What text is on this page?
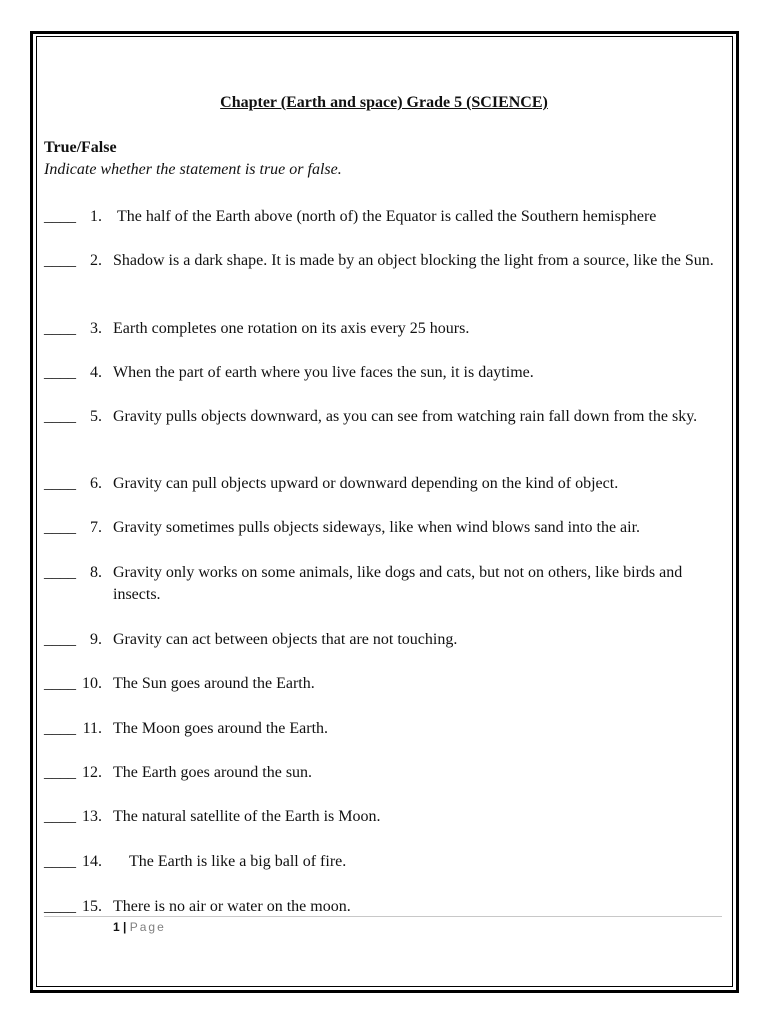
Chapter (Earth and space) Grade 5 (SCIENCE)
True/False
Indicate whether the statement is true or false.
____ 1. The half of the Earth above (north of) the Equator is called the Southern hemisphere
____ 2. Shadow is a dark shape. It is made by an object blocking the light from a source, like the Sun.
____ 3. Earth completes one rotation on its axis every 25 hours.
____ 4. When the part of earth where you live faces the sun, it is daytime.
____ 5. Gravity pulls objects downward, as you can see from watching rain fall down from the sky.
____ 6. Gravity can pull objects upward or downward depending on the kind of object.
____ 7. Gravity sometimes pulls objects sideways, like when wind blows sand into the air.
____ 8. Gravity only works on some animals, like dogs and cats, but not on others, like birds and insects.
____ 9. Gravity can act between objects that are not touching.
____ 10. The Sun goes around the Earth.
____ 11. The Moon goes around the Earth.
____ 12. The Earth goes around the sun.
____ 13. The natural satellite of the Earth is Moon.
____ 14. The Earth is like a big ball of fire.
____ 15. There is no air or water on the moon.
1 | Page
